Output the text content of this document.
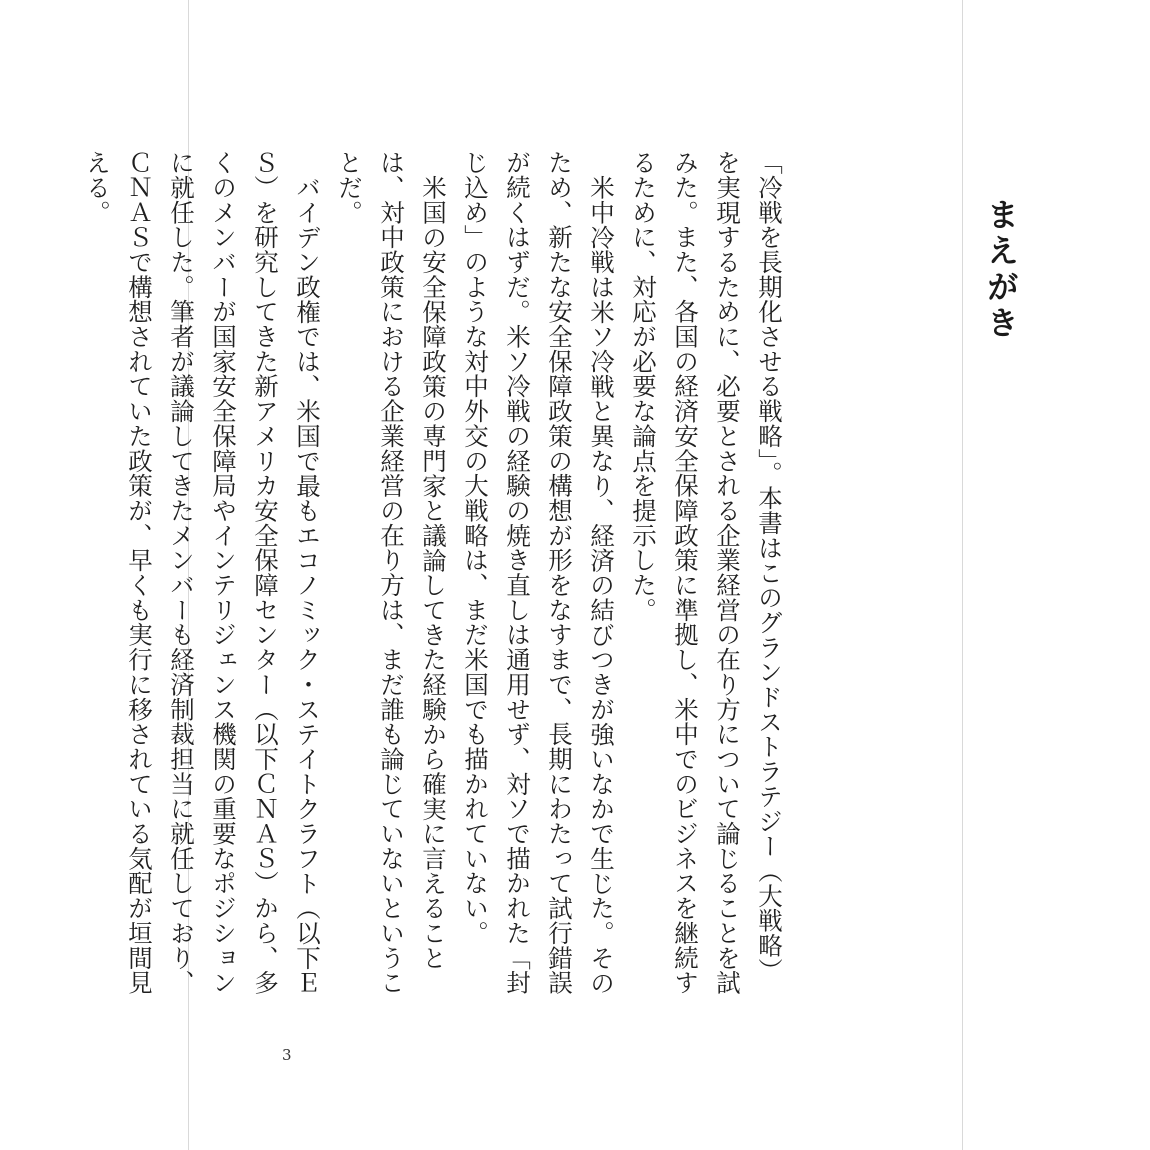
まえがき

「冷戦を長期化させる戦略」。本書はこのグランドストラテジー（大戦略）を実現するために、必要とされる企業経営の在り方について論じることを試みた。また、各国の経済安全保障政策に準拠し、米中でのビジネスを継続するために、対応が必要な論点を提示した。

米中冷戦は米ソ冷戦と異なり、経済の結びつきが強いなかで生じた。そのため、新たな安全保障政策の構想が形をなすまで、長期にわたって試行錯誤が続くはずだ。米ソ冷戦の経験の焼き直しは通用せず、対ソで描かれた「封じ込め」のような対中外交の大戦略は、まだ米国でも描かれていない。

米国の安全保障政策の専門家と議論してきた経験から確実に言えることは、対中政策における企業経営の在り方は、まだ誰も論じていないということだ。

バイデン政権では、米国で最もエコノミック・ステイトクラフト（以下ＥＳ）を研究してきた新アメリカ安全保障センター（以下ＣＮＡＳ）から、多くのメンバーが国家安全保障局やインテリジェンス機関の重要なポジションに就任した。筆者が議論してきたメンバーも経済制裁担当に就任しており、ＣＮＡＳで構想されていた政策が、早くも実行に移されている気配が垣間見える。

3
